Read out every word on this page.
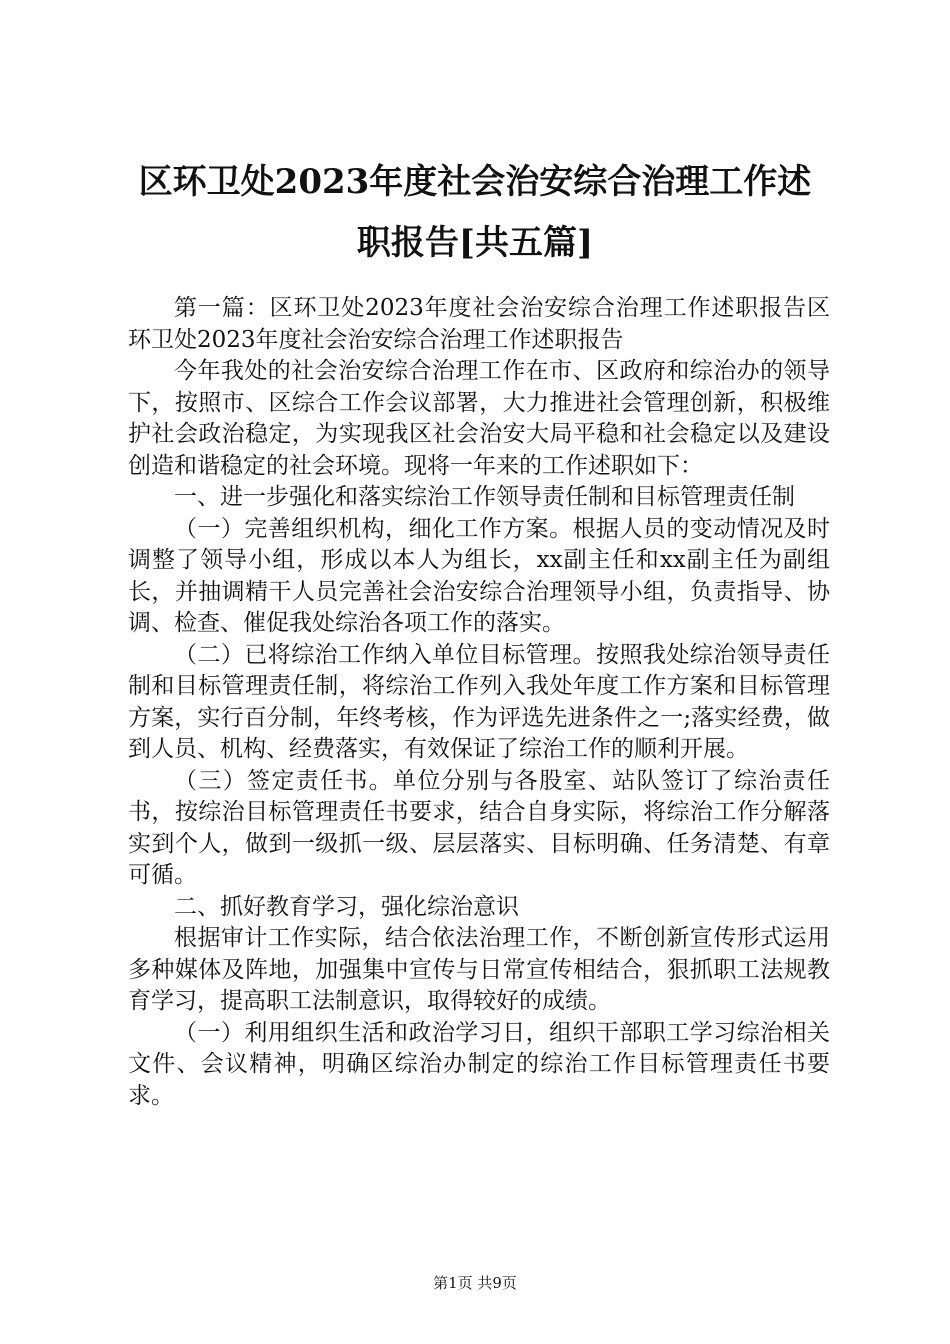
区环卫处2023年度社会治安综合治理工作述
职报告[共五篇]

第一篇：区环卫处2023年度社会治安综合治理工作述职报告区环卫处2023年度社会治安综合治理工作述职报告

今年我处的社会治安综合治理工作在市、区政府和综治办的领导下，按照市、区综合工作会议部署，大力推进社会管理创新，积极维护社会政治稳定，为实现我区社会治安大局平稳和社会稳定以及建设创造和谐稳定的社会环境。现将一年来的工作述职如下：

一、进一步强化和落实综治工作领导责任制和目标管理责任制

（一）完善组织机构，细化工作方案。根据人员的变动情况及时调整了领导小组，形成以本人为组长，xx副主任和xx副主任为副组长，并抽调精干人员完善社会治安综合治理领导小组，负责指导、协调、检查、催促我处综治各项工作的落实。

（二）已将综治工作纳入单位目标管理。按照我处综治领导责任制和目标管理责任制，将综治工作列入我处年度工作方案和目标管理方案，实行百分制，年终考核，作为评选先进条件之一;落实经费，做到人员、机构、经费落实，有效保证了综治工作的顺利开展。

（三）签定责任书。单位分别与各股室、站队签订了综治责任书，按综治目标管理责任书要求，结合自身实际，将综治工作分解落实到个人，做到一级抓一级、层层落实、目标明确、任务清楚、有章可循。

二、抓好教育学习，强化综治意识

根据审计工作实际，结合依法治理工作，不断创新宣传形式运用多种媒体及阵地，加强集中宣传与日常宣传相结合，狠抓职工法规教育学习，提高职工法制意识，取得较好的成绩。

（一）利用组织生活和政治学习日，组织干部职工学习综治相关文件、会议精神，明确区综治办制定的综治工作目标管理责任书要求。

第1页 共9页
